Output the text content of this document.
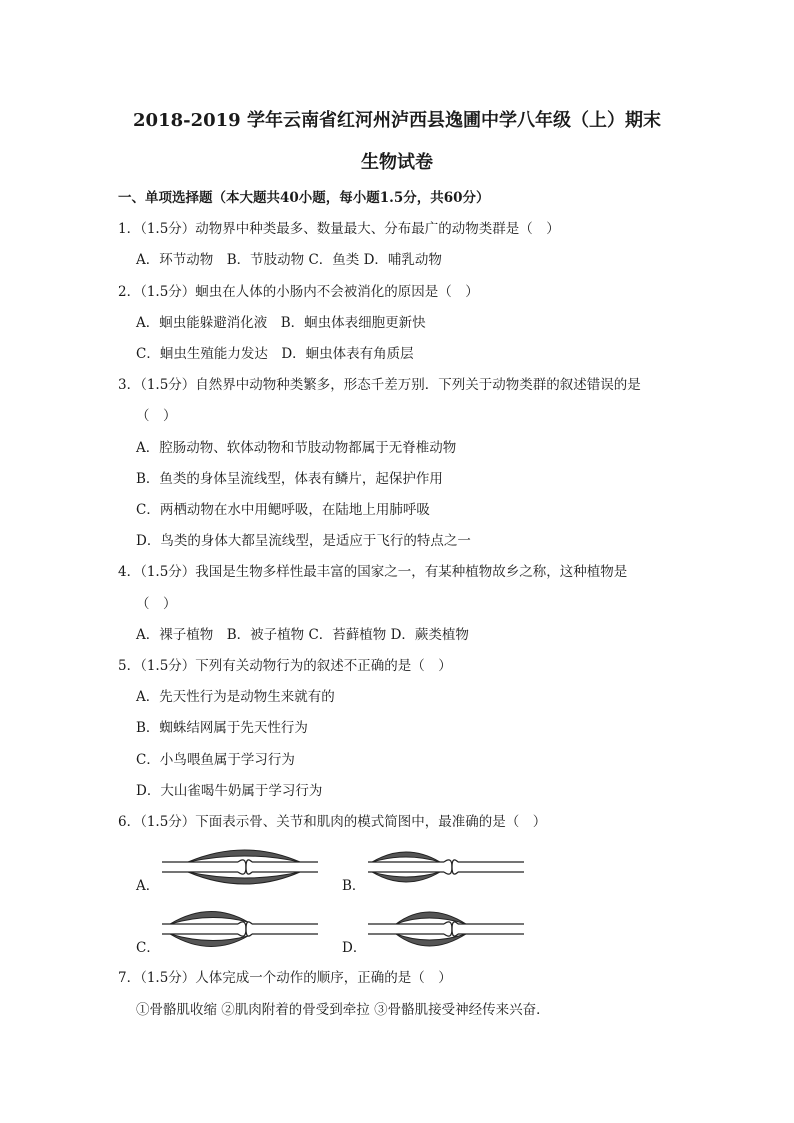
2018-2019 学年云南省红河州泸西县逸圃中学八年级（上）期末
生物试卷
一、单项选择题（本大题共40小题，每小题1.5分，共60分）
1．（1.5分）动物界中种类最多、数量最大、分布最广的动物类群是（　）
A．环节动物　B．节肢动物 C．鱼类 D．哺乳动物
2．（1.5分）蛔虫在人体的小肠内不会被消化的原因是（　）
A．蛔虫能躲避消化液　B．蛔虫体表细胞更新快
C．蛔虫生殖能力发达　D．蛔虫体表有角质层
3．（1.5分）自然界中动物种类繁多，形态千差万别．下列关于动物类群的叙述错误的是
（　）
A．腔肠动物、软体动物和节肢动物都属于无脊椎动物
B．鱼类的身体呈流线型，体表有鳞片，起保护作用
C．两栖动物在水中用鳃呼吸，在陆地上用肺呼吸
D．鸟类的身体大都呈流线型，是适应于飞行的特点之一
4．（1.5分）我国是生物多样性最丰富的国家之一，有某种植物故乡之称，这种植物是
（　）
A．裸子植物　B．被子植物 C．苔藓植物 D．蕨类植物
5．（1.5分）下列有关动物行为的叙述不正确的是（　）
A．先天性行为是动物生来就有的
B．蜘蛛结网属于先天性行为
C．小鸟喂鱼属于学习行为
D．大山雀喝牛奶属于学习行为
6．（1.5分）下面表示骨、关节和肌肉的模式简图中，最准确的是（　）
A．	B．
C．	D．
7．（1.5分）人体完成一个动作的顺序，正确的是（　）
①骨骼肌收缩 ②肌肉附着的骨受到牵拉 ③骨骼肌接受神经传来兴奋．
